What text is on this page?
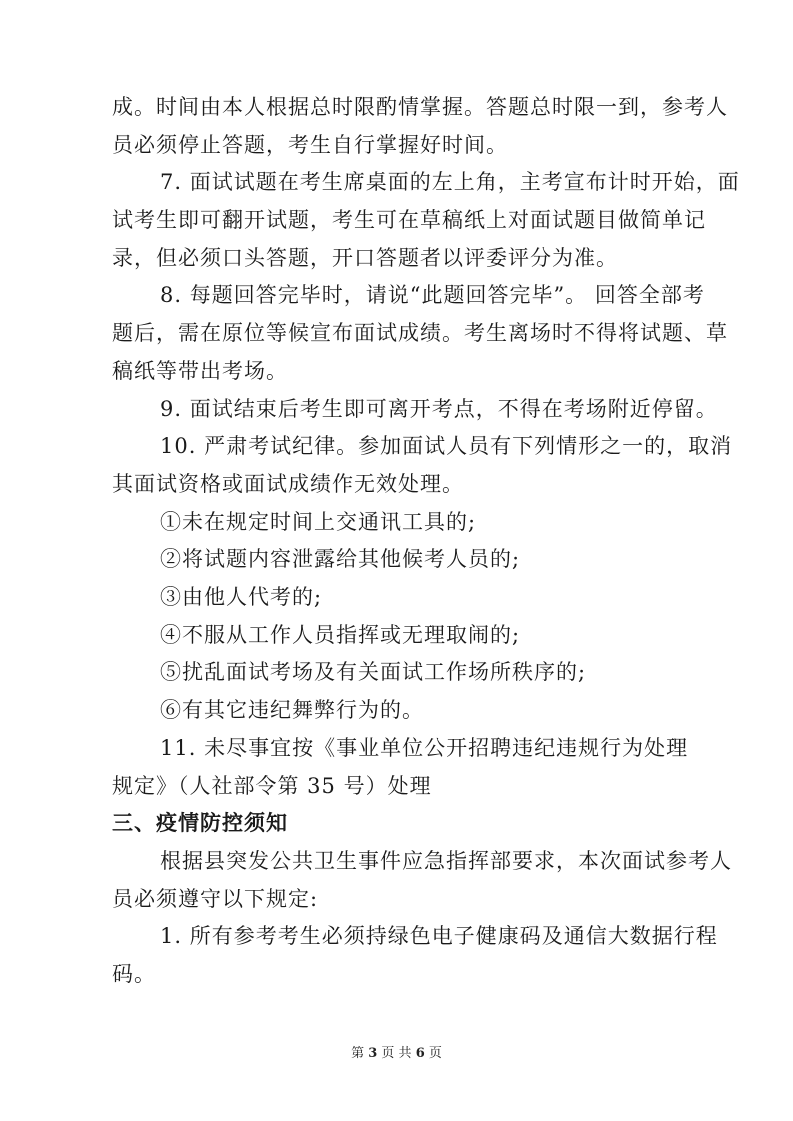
成。时间由本人根据总时限酌情掌握。答题总时限一到，参考人
员必须停止答题，考生自行掌握好时间。
7. 面试试题在考生席桌面的左上角，主考宣布计时开始，面
试考生即可翻开试题，考生可在草稿纸上对面试题目做简单记
录，但必须口头答题，开口答题者以评委评分为准。
8. 每题回答完毕时，请说“此题回答完毕”。 回答全部考
题后，需在原位等候宣布面试成绩。考生离场时不得将试题、草
稿纸等带出考场。
9. 面试结束后考生即可离开考点，不得在考场附近停留。
10. 严肃考试纪律。参加面试人员有下列情形之一的，取消
其面试资格或面试成绩作无效处理。
①未在规定时间上交通讯工具的;
②将试题内容泄露给其他候考人员的;
③由他人代考的;
④不服从工作人员指挥或无理取闹的;
⑤扰乱面试考场及有关面试工作场所秩序的;
⑥有其它违纪舞弊行为的。
11. 未尽事宜按《事业单位公开招聘违纪违规行为处理
规定》（人社部令第 35 号）处理
三、疫情防控须知
根据县突发公共卫生事件应急指挥部要求，本次面试参考人
员必须遵守以下规定:
1. 所有参考考生必须持绿色电子健康码及通信大数据行程
码。
第 3 页 共 6 页
